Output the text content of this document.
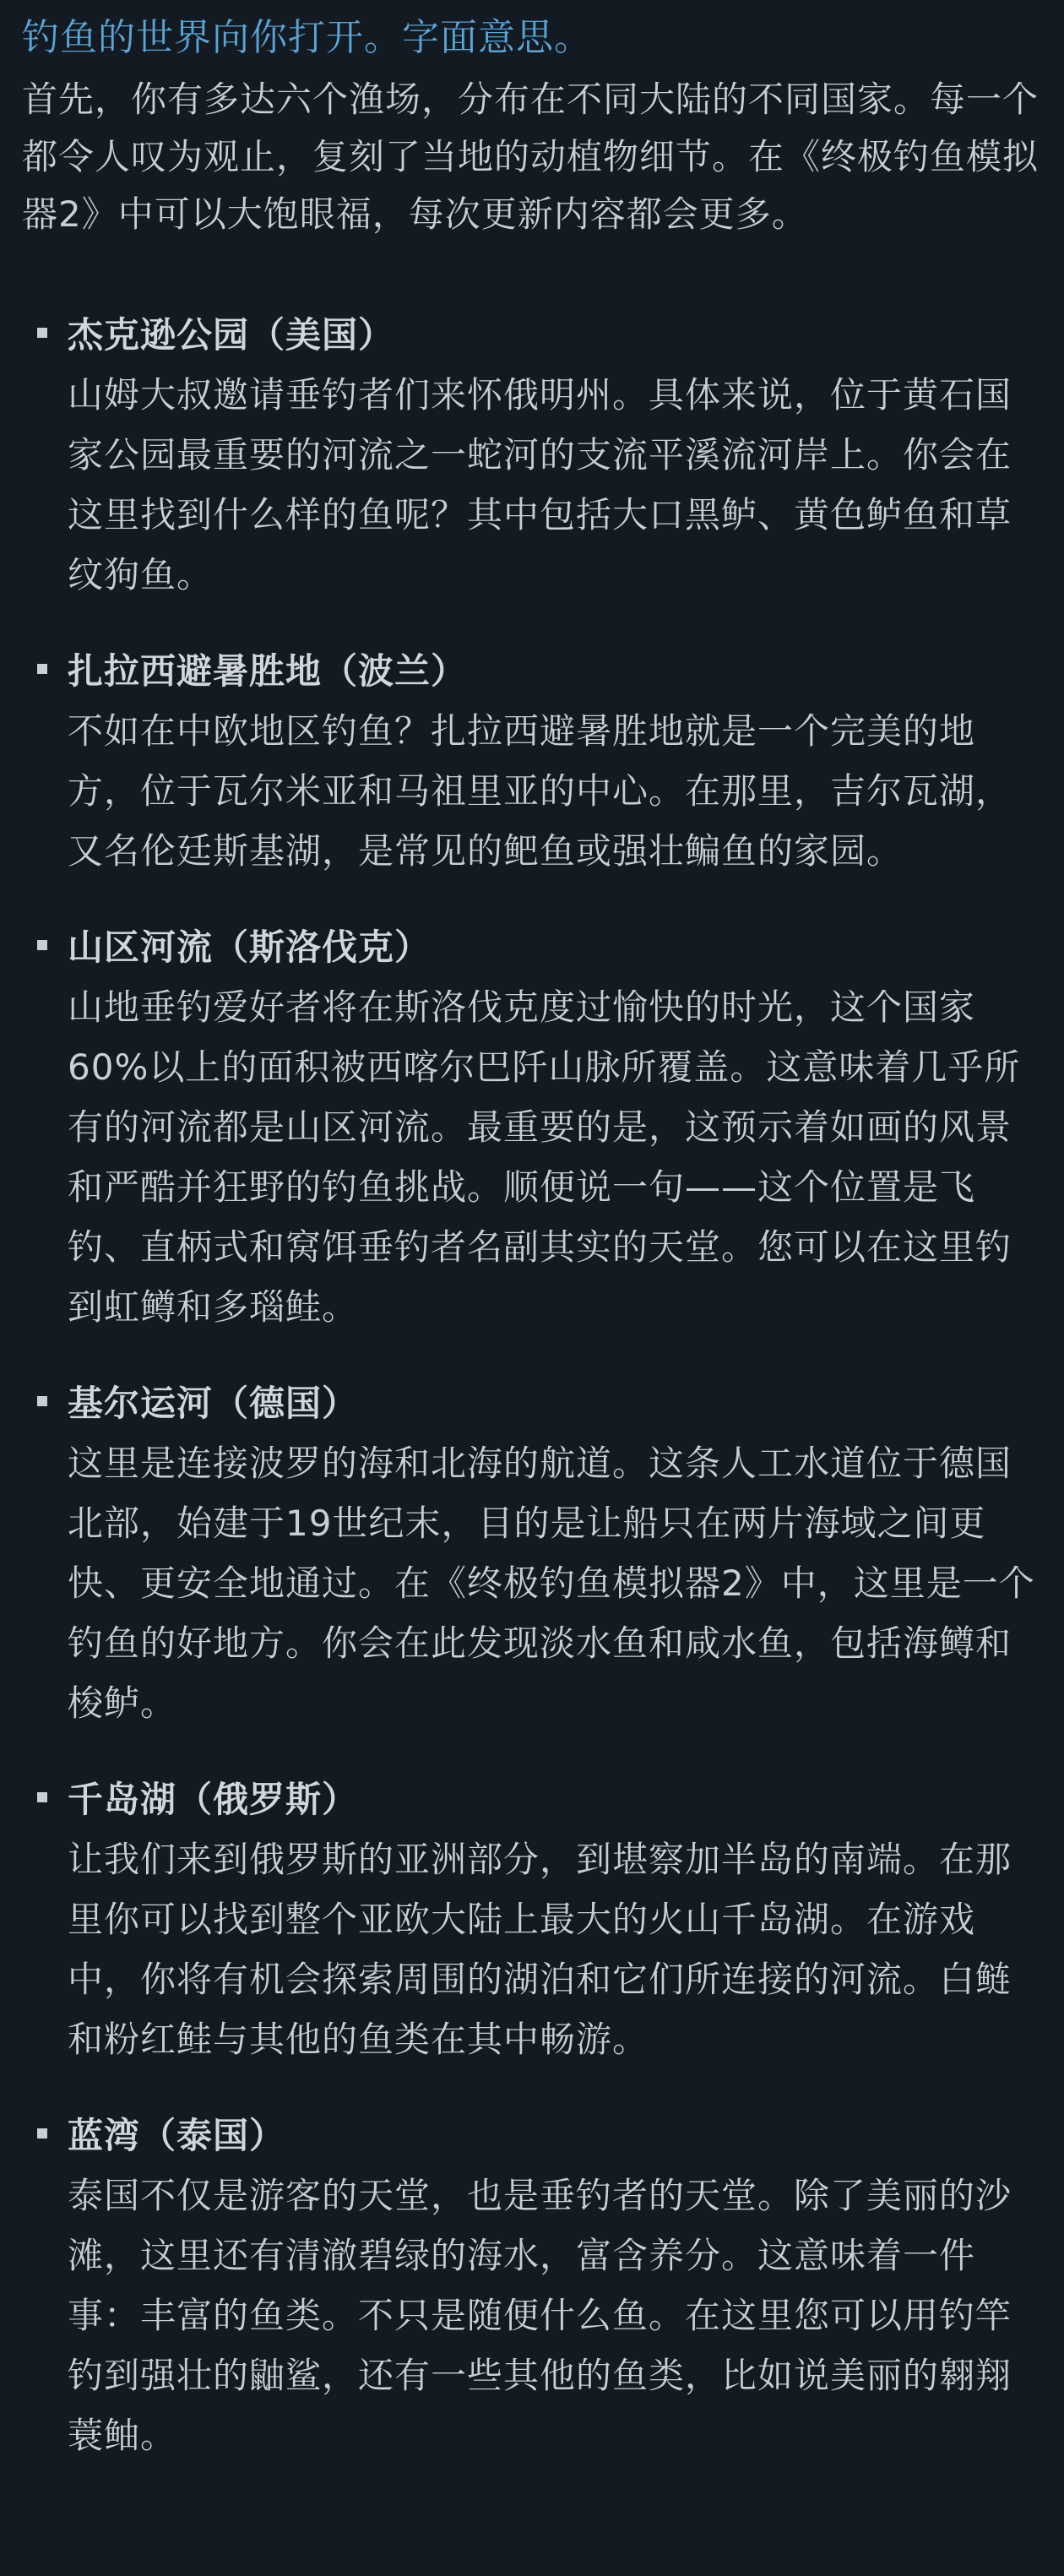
钓鱼的世界向你打开。字面意思。

首先，你有多达六个渔场，分布在不同大陆的不同国家。每一个都令人叹为观止，复刻了当地的动植物细节。在《终极钓鱼模拟器2》中可以大饱眼福，每次更新内容都会更多。

杰克逊公园（美国）

山姆大叔邀请垂钓者们来怀俄明州。具体来说，位于黄石国家公园最重要的河流之一蛇河的支流平溪流河岸上。你会在这里找到什么样的鱼呢？其中包括大口黑鲈、黄色鲈鱼和草纹狗鱼。

扎拉西避暑胜地（波兰）

不如在中欧地区钓鱼？扎拉西避暑胜地就是一个完美的地方，位于瓦尔米亚和马祖里亚的中心。在那里，吉尔瓦湖，又名伦廷斯基湖，是常见的鲃鱼或强壮鳊鱼的家园。

山区河流（斯洛伐克）

山地垂钓爱好者将在斯洛伐克度过愉快的时光，这个国家60%以上的面积被西喀尔巴阡山脉所覆盖。这意味着几乎所有的河流都是山区河流。最重要的是，这预示着如画的风景和严酷并狂野的钓鱼挑战。顺便说一句——这个位置是飞钓、直柄式和窝饵垂钓者名副其实的天堂。您可以在这里钓到虹鳟和多瑙鲑。

基尔运河（德国）

这里是连接波罗的海和北海的航道。这条人工水道位于德国北部，始建于19世纪末，目的是让船只在两片海域之间更快、更安全地通过。在《终极钓鱼模拟器2》中，这里是一个钓鱼的好地方。你会在此发现淡水鱼和咸水鱼，包括海鳟和梭鲈。

千岛湖（俄罗斯）

让我们来到俄罗斯的亚洲部分，到堪察加半岛的南端。在那里你可以找到整个亚欧大陆上最大的火山千岛湖。在游戏中，你将有机会探索周围的湖泊和它们所连接的河流。白鲢和粉红鲑与其他的鱼类在其中畅游。

蓝湾（泰国）

泰国不仅是游客的天堂，也是垂钓者的天堂。除了美丽的沙滩，这里还有清澈碧绿的海水，富含养分。这意味着一件事：丰富的鱼类。不只是随便什么鱼。在这里您可以用钓竿钓到强壮的鼬鲨，还有一些其他的鱼类，比如说美丽的翱翔蓑鲉。
